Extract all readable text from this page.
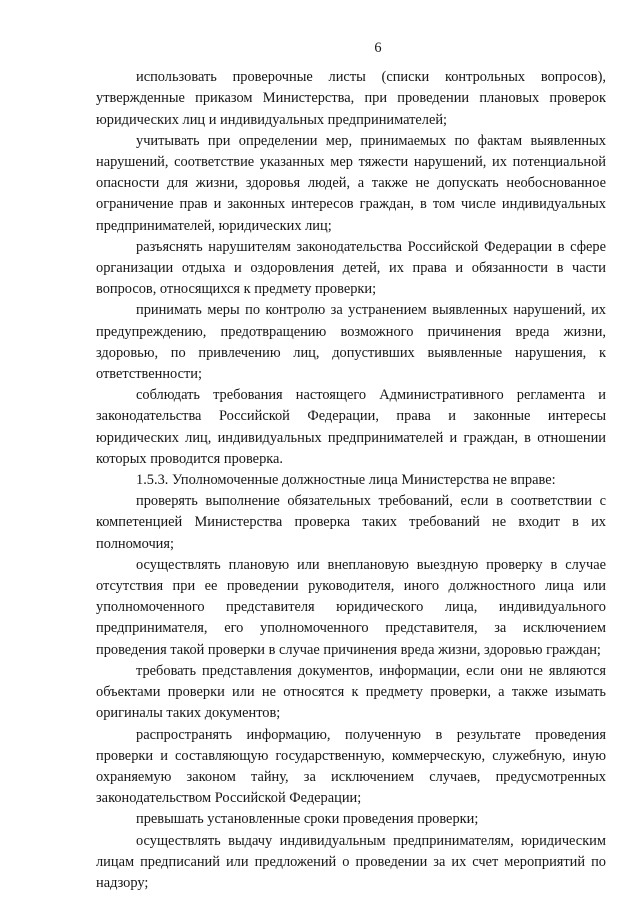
6

использовать проверочные листы (списки контрольных вопросов), утвержденные приказом Министерства, при проведении плановых проверок юридических лиц и индивидуальных предпринимателей;

учитывать при определении мер, принимаемых по фактам выявленных нарушений, соответствие указанных мер тяжести нарушений, их потенциальной опасности для жизни, здоровья людей, а также не допускать необоснованное ограничение прав и законных интересов граждан, в том числе индивидуальных предпринимателей, юридических лиц;

разъяснять нарушителям законодательства Российской Федерации в сфере организации отдыха и оздоровления детей, их права и обязанности в части вопросов, относящихся к предмету проверки;

принимать меры по контролю за устранением выявленных нарушений, их предупреждению, предотвращению возможного причинения вреда жизни, здоровью, по привлечению лиц, допустивших выявленные нарушения, к ответственности;

соблюдать требования настоящего Административного регламента и законодательства Российской Федерации, права и законные интересы юридических лиц, индивидуальных предпринимателей и граждан, в отношении которых проводится проверка.

1.5.3. Уполномоченные должностные лица Министерства не вправе:

проверять выполнение обязательных требований, если в соответствии с компетенцией Министерства проверка таких требований не входит в их полномочия;

осуществлять плановую или внеплановую выездную проверку в случае отсутствия при ее проведении руководителя, иного должностного лица или уполномоченного представителя юридического лица, индивидуального предпринимателя, его уполномоченного представителя, за исключением проведения такой проверки в случае причинения вреда жизни, здоровью граждан;

требовать представления документов, информации, если они не являются объектами проверки или не относятся к предмету проверки, а также изымать оригиналы таких документов;

распространять информацию, полученную в результате проведения проверки и составляющую государственную, коммерческую, служебную, иную охраняемую законом тайну, за исключением случаев, предусмотренных законодательством Российской Федерации;

превышать установленные сроки проведения проверки;

осуществлять выдачу индивидуальным предпринимателям, юридическим лицам предписаний или предложений о проведении за их счет мероприятий по надзору;
